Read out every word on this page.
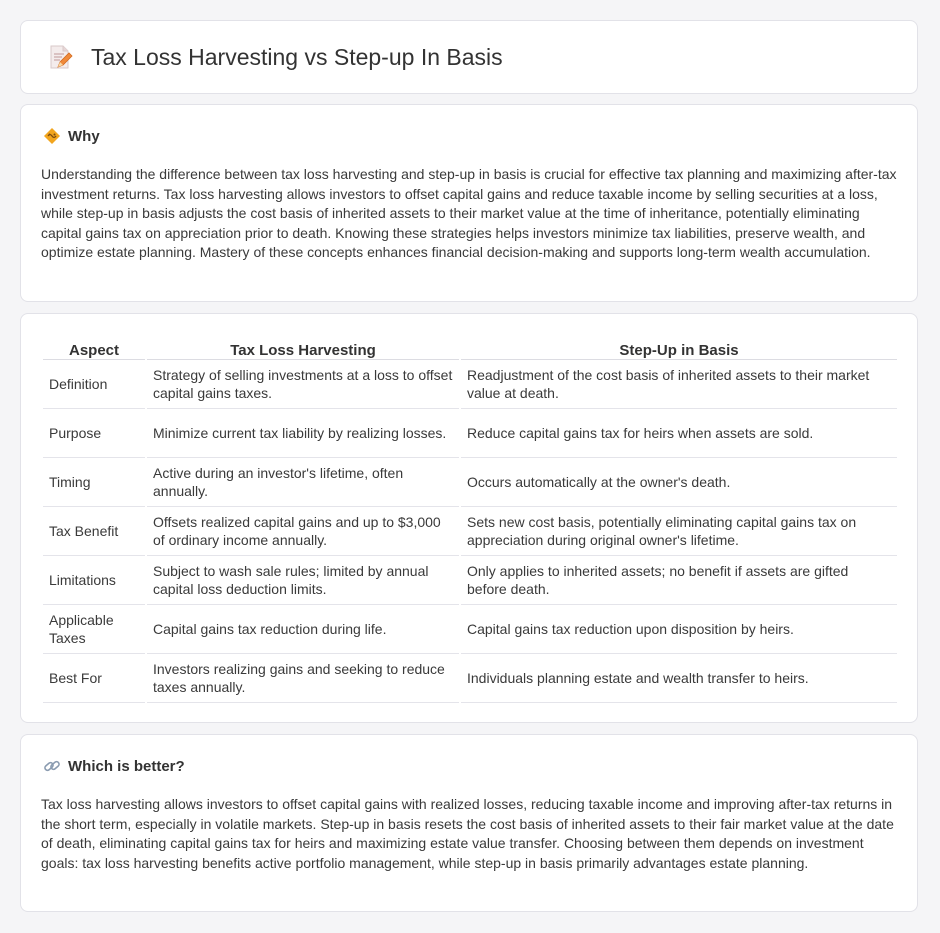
Tax Loss Harvesting vs Step-up In Basis
Why

Understanding the difference between tax loss harvesting and step-up in basis is crucial for effective tax planning and maximizing after-tax investment returns. Tax loss harvesting allows investors to offset capital gains and reduce taxable income by selling securities at a loss, while step-up in basis adjusts the cost basis of inherited assets to their market value at the time of inheritance, potentially eliminating capital gains tax on appreciation prior to death. Knowing these strategies helps investors minimize tax liabilities, preserve wealth, and optimize estate planning. Mastery of these concepts enhances financial decision-making and supports long-term wealth accumulation.

Aspect	Tax Loss Harvesting	Step-Up in Basis
Definition	Strategy of selling investments at a loss to offset capital gains taxes.	Readjustment of the cost basis of inherited assets to their market value at death.
Purpose	Minimize current tax liability by realizing losses.	Reduce capital gains tax for heirs when assets are sold.
Timing	Active during an investor's lifetime, often annually.	Occurs automatically at the owner's death.
Tax Benefit	Offsets realized capital gains and up to $3,000 of ordinary income annually.	Sets new cost basis, potentially eliminating capital gains tax on appreciation during original owner's lifetime.
Limitations	Subject to wash sale rules; limited by annual capital loss deduction limits.	Only applies to inherited assets; no benefit if assets are gifted before death.
Applicable Taxes	Capital gains tax reduction during life.	Capital gains tax reduction upon disposition by heirs.
Best For	Investors realizing gains and seeking to reduce taxes annually.	Individuals planning estate and wealth transfer to heirs.
Which is better?

Tax loss harvesting allows investors to offset capital gains with realized losses, reducing taxable income and improving after-tax returns in the short term, especially in volatile markets. Step-up in basis resets the cost basis of inherited assets to their fair market value at the date of death, eliminating capital gains tax for heirs and maximizing estate value transfer. Choosing between them depends on investment goals: tax loss harvesting benefits active portfolio management, while step-up in basis primarily advantages estate planning.
